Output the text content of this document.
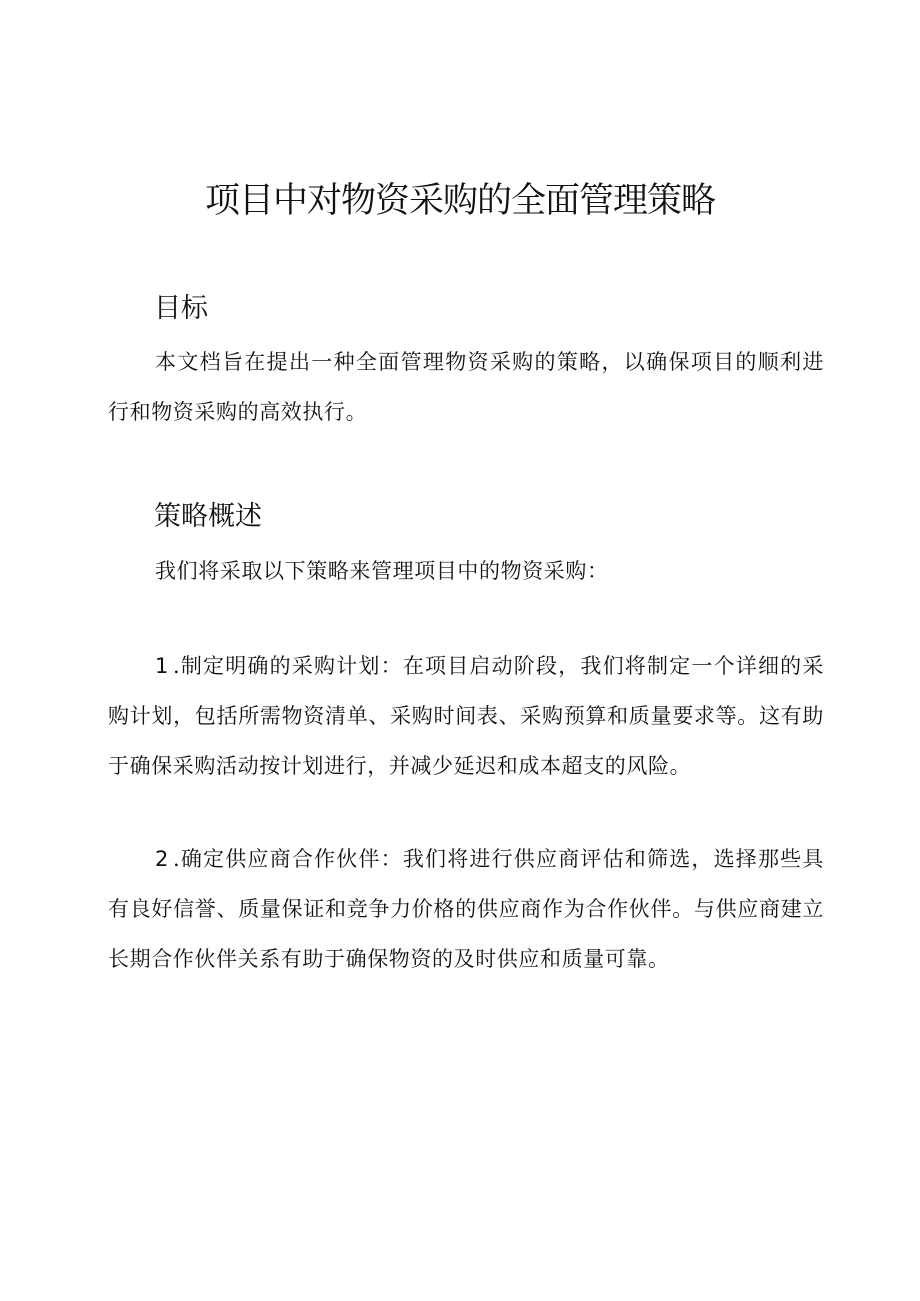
项目中对物资采购的全面管理策略
目标

本文档旨在提出一种全面管理物资采购的策略，以确保项目的顺利进行和物资采购的高效执行。

策略概述

我们将采取以下策略来管理项目中的物资采购：

1 .制定明确的采购计划：在项目启动阶段，我们将制定一个详细的采购计划，包括所需物资清单、采购时间表、采购预算和质量要求等。这有助于确保采购活动按计划进行，并减少延迟和成本超支的风险。

2 .确定供应商合作伙伴：我们将进行供应商评估和筛选，选择那些具有良好信誉、质量保证和竞争力价格的供应商作为合作伙伴。与供应商建立长期合作伙伴关系有助于确保物资的及时供应和质量可靠。
